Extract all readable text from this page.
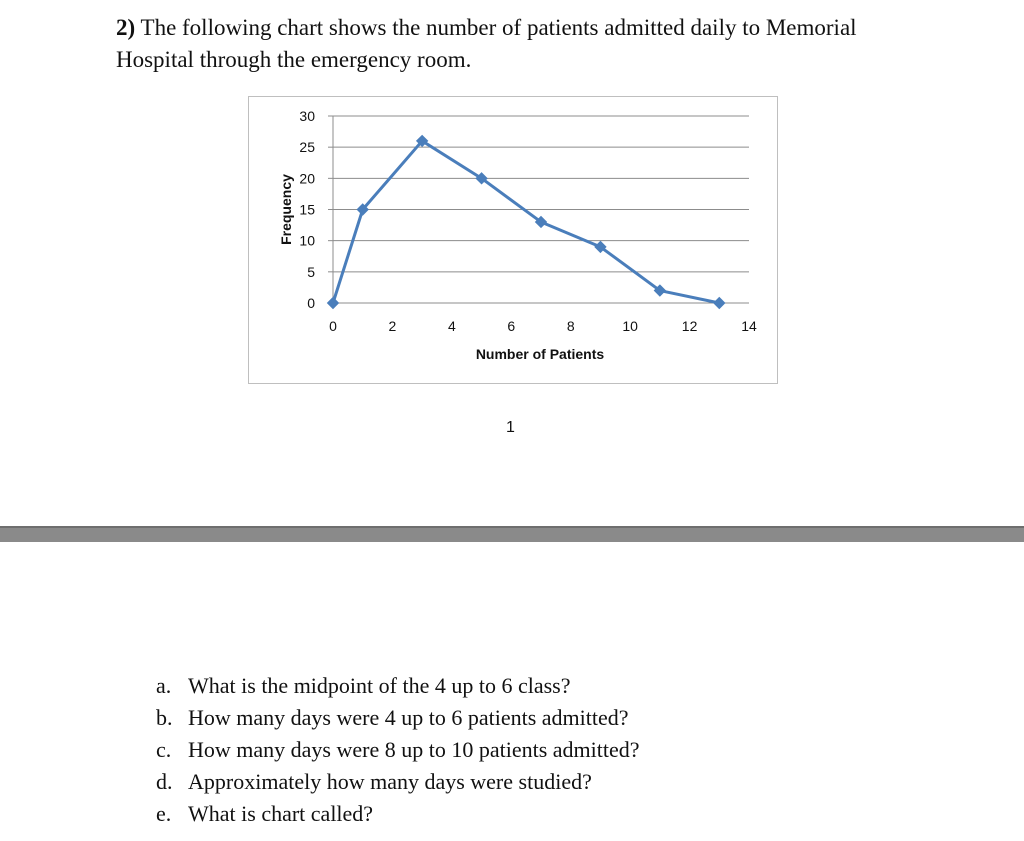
2) The following chart shows the number of patients admitted daily to Memorial
Hospital through the emergency room.
30
25
20
15
10
5
0
0	2	4	6	8	10	12	14
Number of Patients
Frequency
1
a. What is the midpoint of the 4 up to 6 class?
b. How many days were 4 up to 6 patients admitted?
c. How many days were 8 up to 10 patients admitted?
d. Approximately how many days were studied?
e. What is chart called?
